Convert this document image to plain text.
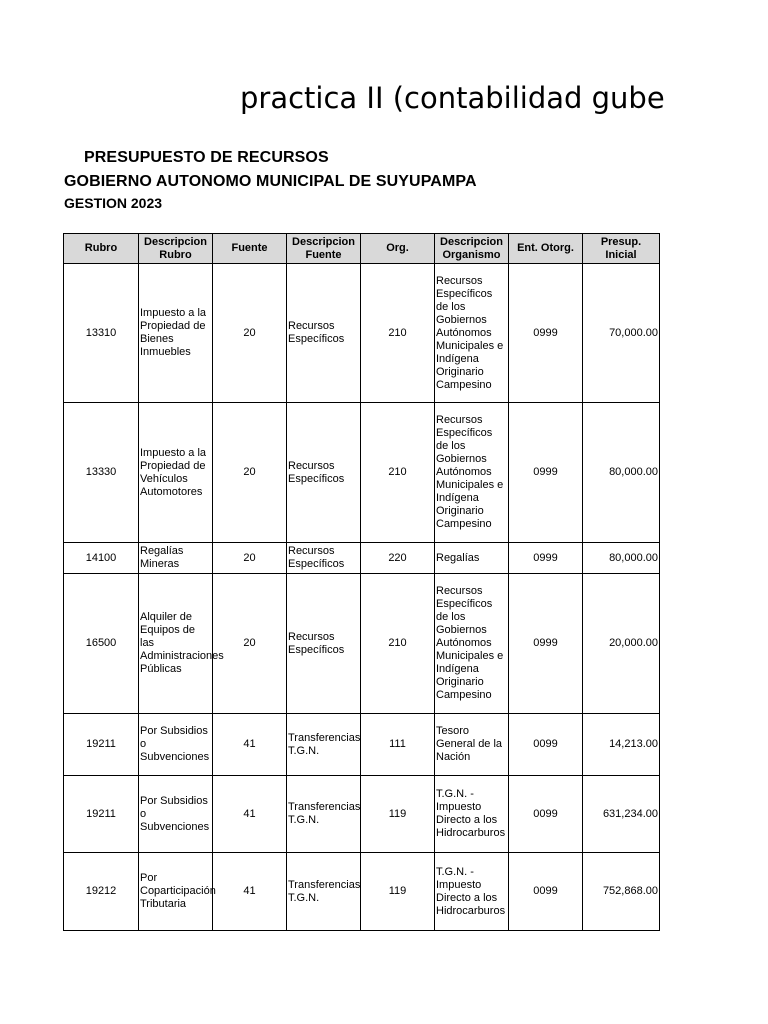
practica II (contabilidad gube
PRESUPUESTO DE RECURSOS
GOBIERNO AUTONOMO MUNICIPAL DE SUYUPAMPA
GESTION 2023
Rubro	Descripcion Rubro	Fuente	Descripcion Fuente	Org.	Descripcion Organismo	Ent. Otorg.	Presup. Inicial
13310	Impuesto a la Propiedad de Bienes Inmuebles	20	Recursos Específicos	210	Recursos Específicos de los Gobiernos Autónomos Municipales e Indígena Originario Campesino	0999	70,000.00
13330	Impuesto a la Propiedad de Vehículos Automotores	20	Recursos Específicos	210	Recursos Específicos de los Gobiernos Autónomos Municipales e Indígena Originario Campesino	0999	80,000.00
14100	Regalías Mineras	20	Recursos Específicos	220	Regalías	0999	80,000.00
16500	Alquiler de Equipos de las Administraciones Públicas	20	Recursos Específicos	210	Recursos Específicos de los Gobiernos Autónomos Municipales e Indígena Originario Campesino	0999	20,000.00
19211	Por Subsidios o Subvenciones	41	Transferencias T.G.N.	111	Tesoro General de la Nación	0099	14,213.00
19211	Por Subsidios o Subvenciones	41	Transferencias T.G.N.	119	T.G.N. - Impuesto Directo a los Hidrocarburos	0099	631,234.00
19212	Por Coparticipación Tributaria	41	Transferencias T.G.N.	119	T.G.N. - Impuesto Directo a los Hidrocarburos	0099	752,868.00
